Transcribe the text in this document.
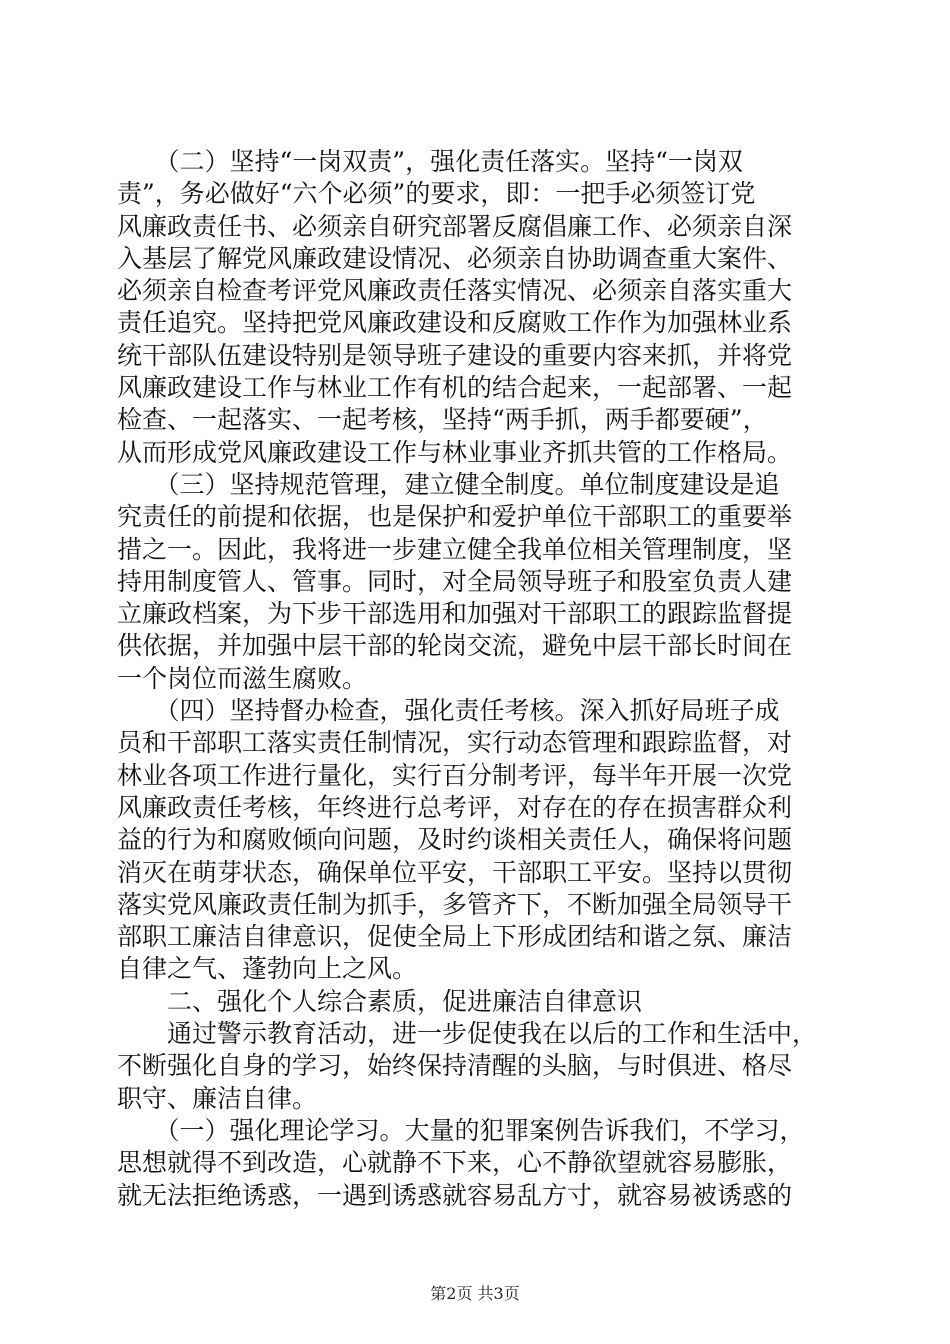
　　（二）坚持“一岗双责”，强化责任落实。坚持“一岗双
责”，务必做好“六个必须”的要求，即：一把手必须签订党
风廉政责任书、必须亲自研究部署反腐倡廉工作、必须亲自深
入基层了解党风廉政建设情况、必须亲自协助调查重大案件、
必须亲自检查考评党风廉政责任落实情况、必须亲自落实重大
责任追究。坚持把党风廉政建设和反腐败工作作为加强林业系
统干部队伍建设特别是领导班子建设的重要内容来抓，并将党
风廉政建设工作与林业工作有机的结合起来，一起部署、一起
检查、一起落实、一起考核，坚持“两手抓，两手都要硬”，
从而形成党风廉政建设工作与林业事业齐抓共管的工作格局。
　　（三）坚持规范管理，建立健全制度。单位制度建设是追
究责任的前提和依据，也是保护和爱护单位干部职工的重要举
措之一。因此，我将进一步建立健全我单位相关管理制度，坚
持用制度管人、管事。同时，对全局领导班子和股室负责人建
立廉政档案，为下步干部选用和加强对干部职工的跟踪监督提
供依据，并加强中层干部的轮岗交流，避免中层干部长时间在
一个岗位而滋生腐败。
　　（四）坚持督办检查，强化责任考核。深入抓好局班子成
员和干部职工落实责任制情况，实行动态管理和跟踪监督，对
林业各项工作进行量化，实行百分制考评，每半年开展一次党
风廉政责任考核，年终进行总考评，对存在的存在损害群众利
益的行为和腐败倾向问题，及时约谈相关责任人，确保将问题
消灭在萌芽状态，确保单位平安，干部职工平安。坚持以贯彻
落实党风廉政责任制为抓手，多管齐下，不断加强全局领导干
部职工廉洁自律意识，促使全局上下形成团结和谐之氛、廉洁
自律之气、蓬勃向上之风。
　　二、强化个人综合素质，促进廉洁自律意识
　　通过警示教育活动，进一步促使我在以后的工作和生活中，
不断强化自身的学习，始终保持清醒的头脑，与时俱进、格尽
职守、廉洁自律。
　　（一）强化理论学习。大量的犯罪案例告诉我们，不学习，
思想就得不到改造，心就静不下来，心不静欲望就容易膨胀，
就无法拒绝诱惑，一遇到诱惑就容易乱方寸，就容易被诱惑的
第2页 共3页
